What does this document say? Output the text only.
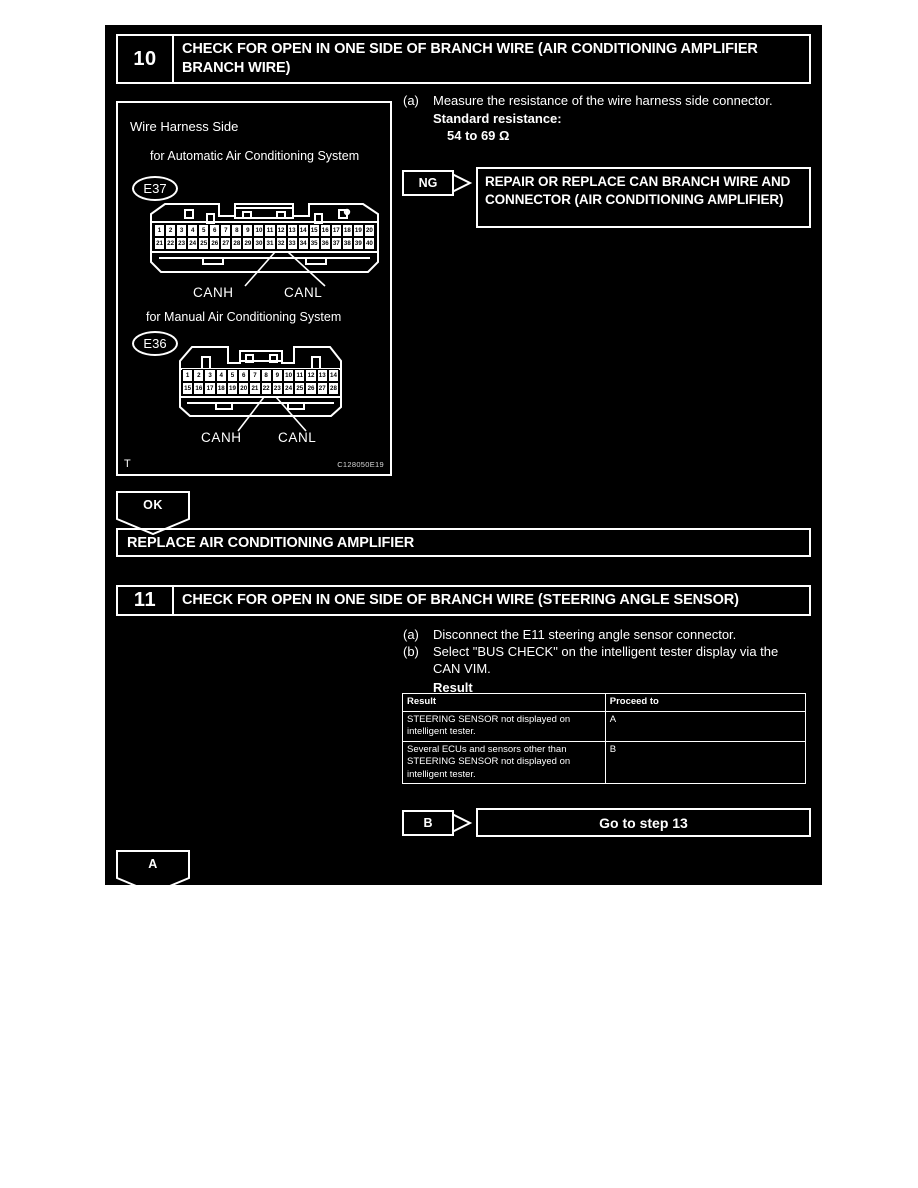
10	CHECK FOR OPEN IN ONE SIDE OF BRANCH WIRE (AIR CONDITIONING AMPLIFIER BRANCH WIRE)
Wire Harness Side
for Automatic Air Conditioning System
E37
1	2	3	4	5	6	7	8	9 10 11 12 13 14 15 16 17 18 19 20
21 22 23 24 25 26 27 28 29 30 31 32 33 34 35 36 37 38 39 40
CANH	CANL
for Manual Air Conditioning System
E36
1	2	3	4	5	6	7	8	9 10 11 12 13 14
15 16 17 18 19 20 21 22 23 24 25 26 27 28
CANH	CANL
T	C128050E19
(a)	Measure the resistance of the wire harness side connector.
Standard resistance:
54 to 69 Ω
NG	REPAIR OR REPLACE CAN BRANCH WIRE AND CONNECTOR (AIR CONDITIONING AMPLIFIER)
OK
REPLACE AIR CONDITIONING AMPLIFIER
11	CHECK FOR OPEN IN ONE SIDE OF BRANCH WIRE (STEERING ANGLE SENSOR)
(a)	Disconnect the E11 steering angle sensor connector.
(b)	Select "BUS CHECK" on the intelligent tester display via the CAN VIM.
Result
Result	Proceed to
STEERING SENSOR not displayed on intelligent tester.	A
Several ECUs and sensors other than STEERING SENSOR not displayed on intelligent tester.	B
B	Go to step 13
A
